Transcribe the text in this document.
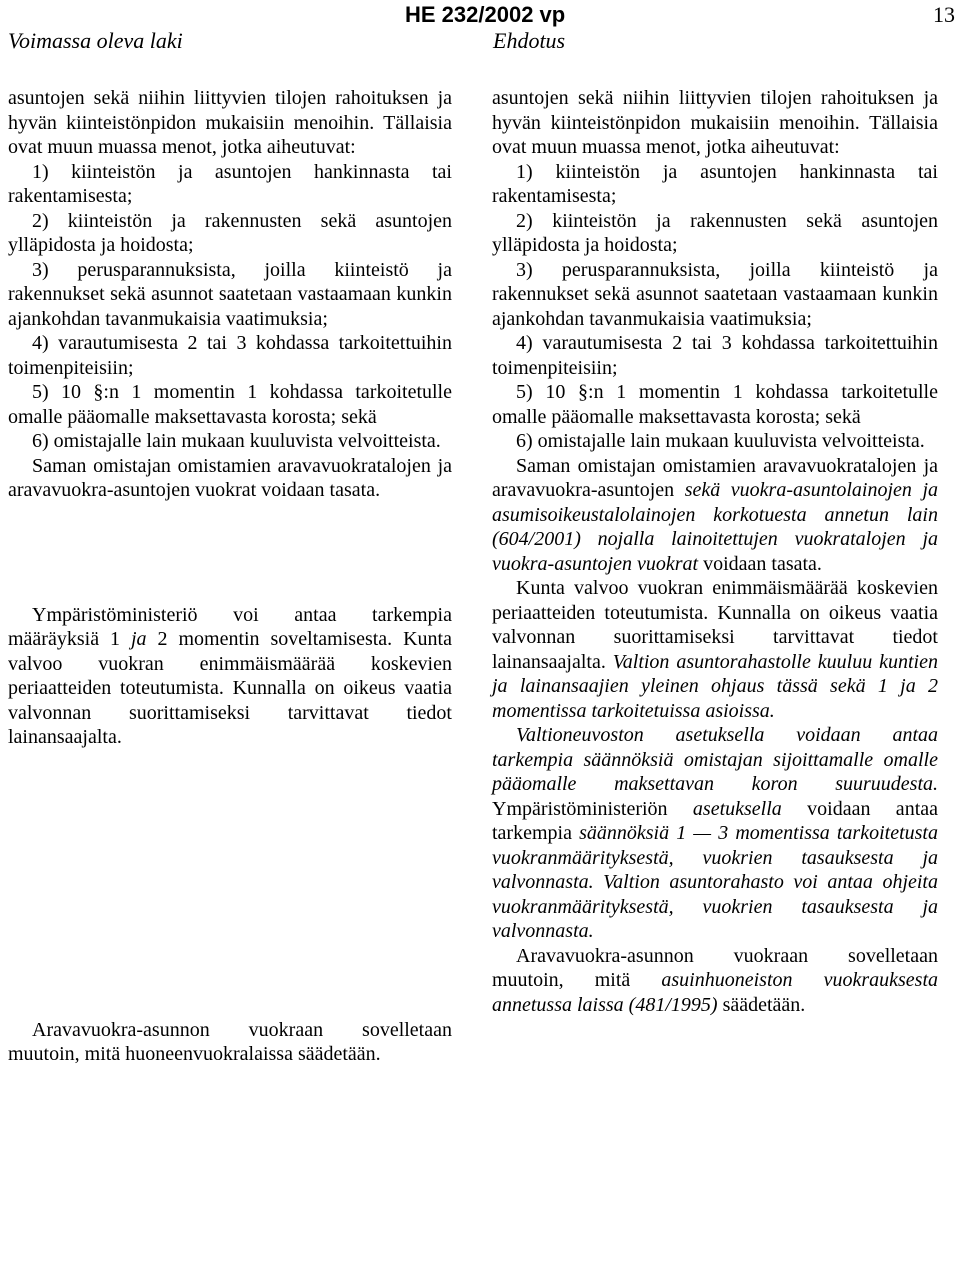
Voimassa oleva laki
HE 232/2002 vp
Ehdotus
13

asuntojen sekä niihin liittyvien tilojen rahoituksen ja hyvän kiinteistönpidon mukaisiin menoihin. Tällaisia ovat muun muassa menot, jotka aiheutuvat:

1) kiinteistön ja asuntojen hankinnasta tai rakentamisesta;

2) kiinteistön ja rakennusten sekä asuntojen ylläpidosta ja hoidosta;

3) perusparannuksista, joilla kiinteistö ja rakennukset sekä asunnot saatetaan vastaamaan kunkin ajankohdan tavanmukaisia vaatimuksia;

4) varautumisesta 2 tai 3 kohdassa tarkoitettuihin toimenpiteisiin;

5) 10 §:n 1 momentin 1 kohdassa tarkoitetulle omalle pääomalle maksettavasta korosta; sekä

6) omistajalle lain mukaan kuuluvista velvoitteista.

Saman omistajan omistamien aravavuokratalojen ja aravavuokra-asuntojen vuokrat voidaan tasata.

Ympäristöministeriö voi antaa tarkempia määräyksiä 1 ja 2 momentin soveltamisesta. Kunta valvoo vuokran enimmäismäärää koskevien periaatteiden toteutumista. Kunnalla on oikeus vaatia valvonnan suorittamiseksi tarvittavat tiedot lainansaajalta.

Aravavuokra-asunnon vuokraan sovelletaan muutoin, mitä huoneenvuokralaissa säädetään.

asuntojen sekä niihin liittyvien tilojen rahoituksen ja hyvän kiinteistönpidon mukaisiin menoihin. Tällaisia ovat muun muassa menot, jotka aiheutuvat:

1) kiinteistön ja asuntojen hankinnasta tai rakentamisesta;

2) kiinteistön ja rakennusten sekä asuntojen ylläpidosta ja hoidosta;

3) perusparannuksista, joilla kiinteistö ja rakennukset sekä asunnot saatetaan vastaamaan kunkin ajankohdan tavanmukaisia vaatimuksia;

4) varautumisesta 2 tai 3 kohdassa tarkoitettuihin toimenpiteisiin;

5) 10 §:n 1 momentin 1 kohdassa tarkoitetulle omalle pääomalle maksettavasta korosta; sekä

6) omistajalle lain mukaan kuuluvista velvoitteista.

Saman omistajan omistamien aravavuokratalojen ja aravavuokra-asuntojen sekä vuokra-asuntolainojen ja asumisoikeustalolainojen korkotuesta annetun lain (604/2001) nojalla lainoitettujen vuokratalojen ja vuokra-asuntojen vuokrat voidaan tasata.

Kunta valvoo vuokran enimmäismäärää koskevien periaatteiden toteutumista. Kunnalla on oikeus vaatia valvonnan suorittamiseksi tarvittavat tiedot lainansaajalta. Valtion asuntorahastolle kuuluu kuntien ja lainansaajien yleinen ohjaus tässä sekä 1 ja 2 momentissa tarkoitetuissa asioissa.

Valtioneuvoston asetuksella voidaan antaa tarkempia säännöksiä omistajan sijoittamalle omalle pääomalle maksettavan koron suuruudesta. Ympäristöministeriön asetuksella voidaan antaa tarkempia säännöksiä 1 — 3 momentissa tarkoitetusta vuokranmäärityksestä, vuokrien tasauksesta ja valvonnasta. Valtion asuntorahasto voi antaa ohjeita vuokranmäärityksestä, vuokrien tasauksesta ja valvonnasta.

Aravavuokra-asunnon vuokraan sovelletaan muutoin, mitä asuinhuoneiston vuokrauksesta annetussa laissa (481/1995) säädetään.
